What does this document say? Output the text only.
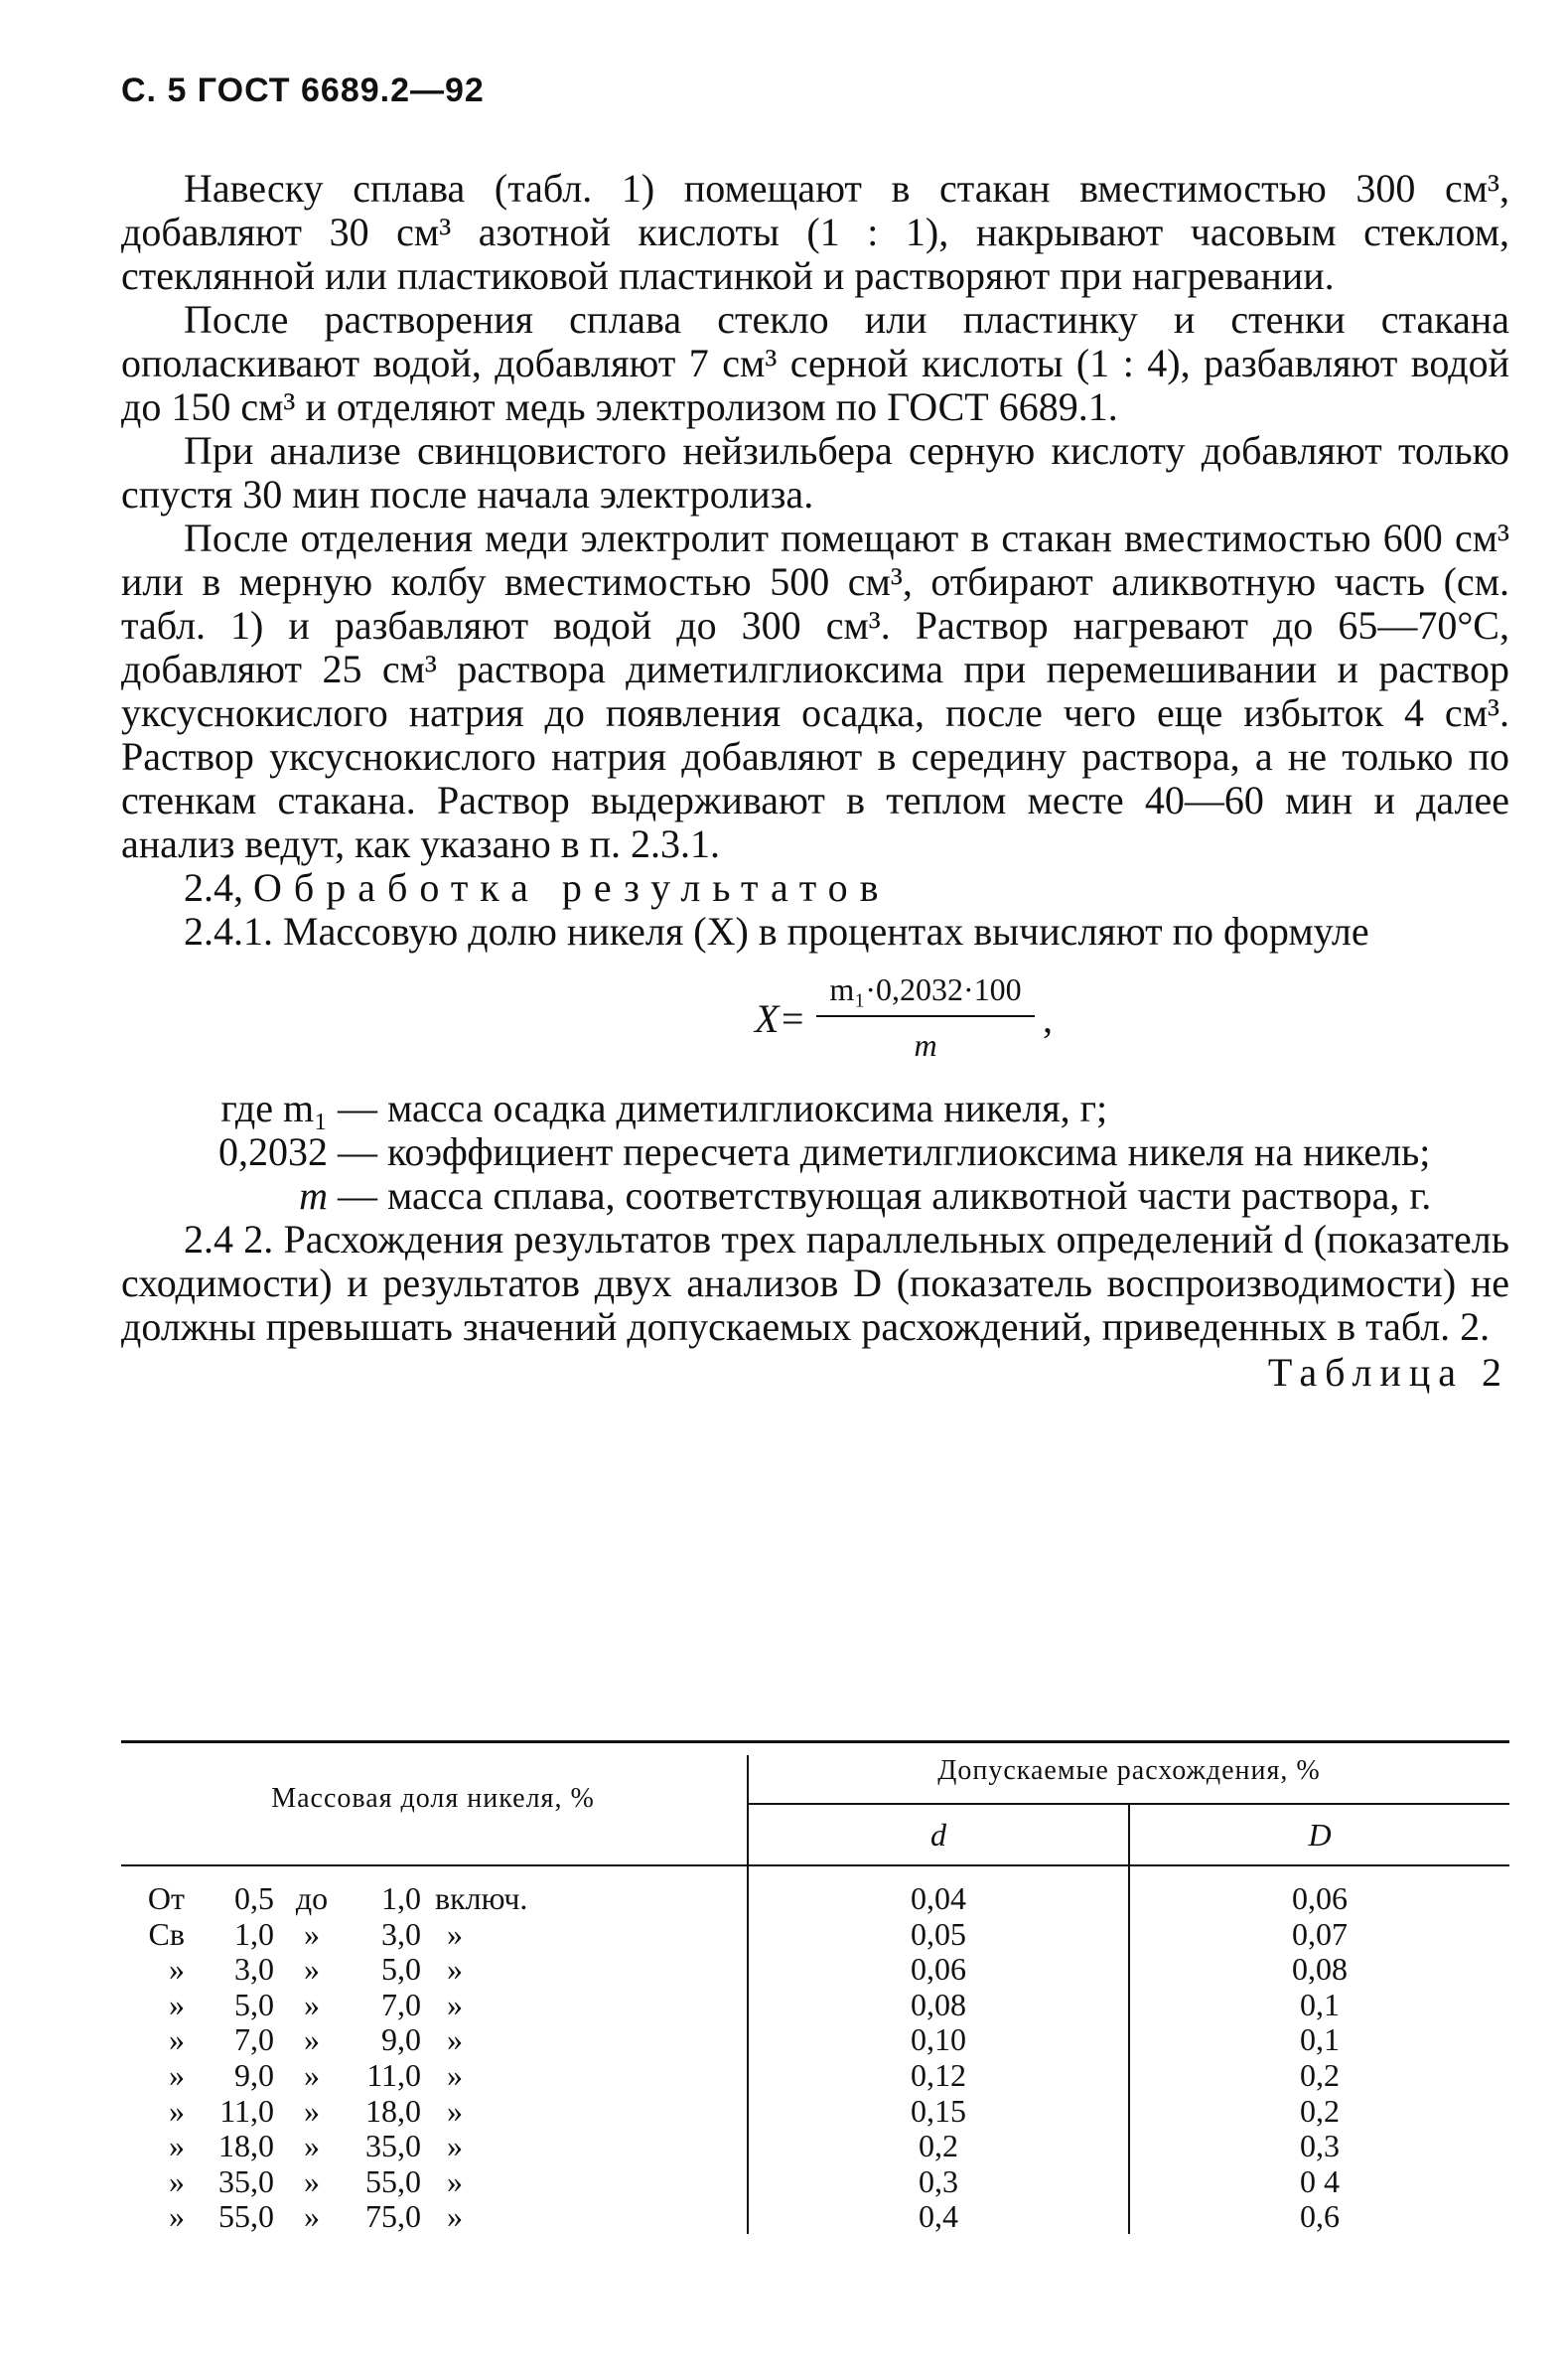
С. 5 ГОСТ 6689.2—92

Навеску сплава (табл. 1) помещают в стакан вместимостью 300 см³, добавляют 30 см³ азотной кислоты (1 : 1), накрывают часовым стеклом, стеклянной или пластиковой пластинкой и растворяют при нагревании.

После растворения сплава стекло или пластинку и стенки стакана ополаскивают водой, добавляют 7 см³ серной кислоты (1 : 4), разбавляют водой до 150 см³ и отделяют медь электролизом по ГОСТ 6689.1.

При анализе свинцовистого нейзильбера серную кислоту добавляют только спустя 30 мин после начала электролиза.

После отделения меди электролит помещают в стакан вместимостью 600 см³ или в мерную колбу вместимостью 500 см³, отбирают аликвотную часть (см. табл. 1) и разбавляют водой до 300 см³. Раствор нагревают до 65—70°С, добавляют 25 см³ раствора диметилглиоксима при перемешивании и раствор уксуснокислого натрия до появления осадка, после чего еще избыток 4 см³. Раствор уксуснокислого натрия добавляют в середину раствора, а не только по стенкам стакана. Раствор выдерживают в теплом месте 40—60 мин и далее анализ ведут, как указано в п. 2.3.1.

2.4, Обработка результатов

2.4.1. Массовую долю никеля (X) в процентах вычисляют по формуле

$X= \frac{\text{m₁·0,2032·100}}{m}$ ,
где m₁ — масса осадка диметилглиоксима никеля, г;
0,2032 — коэффициент пересчета диметилглиоксима никеля на никель;
m — масса сплава, соответствующая аликвотной части раствора, г.

2.4 2. Расхождения результатов трех параллельных определений d (показатель сходимости) и результатов двух анализов D (показатель воспроизводимости) не должны превышать значений допускаемых расхождений, приведенных в табл. 2.

Таблица 2
Массовая доля никеля, %
Допускаемые расхождения, %
d	D
От	0,5 до	1,0 включ.	0,04	0,06
Св	1,0 »	3,0 »	0,05	0,07
»	3,0 »	5,0 »	0,06	0,08
»	5,0 »	7,0 »	0,08	0,1
»	7,0 »	9,0 »	0,10	0,1
»	9,0 »	11,0 »	0,12	0,2
»	11,0 »	18,0 »	0,15	0,2
»	18,0 »	35,0 »	0,2	0,3
»	35,0 »	55,0 »	0,3	0 4
»	55,0 »	75,0 »	0,4	0,6
